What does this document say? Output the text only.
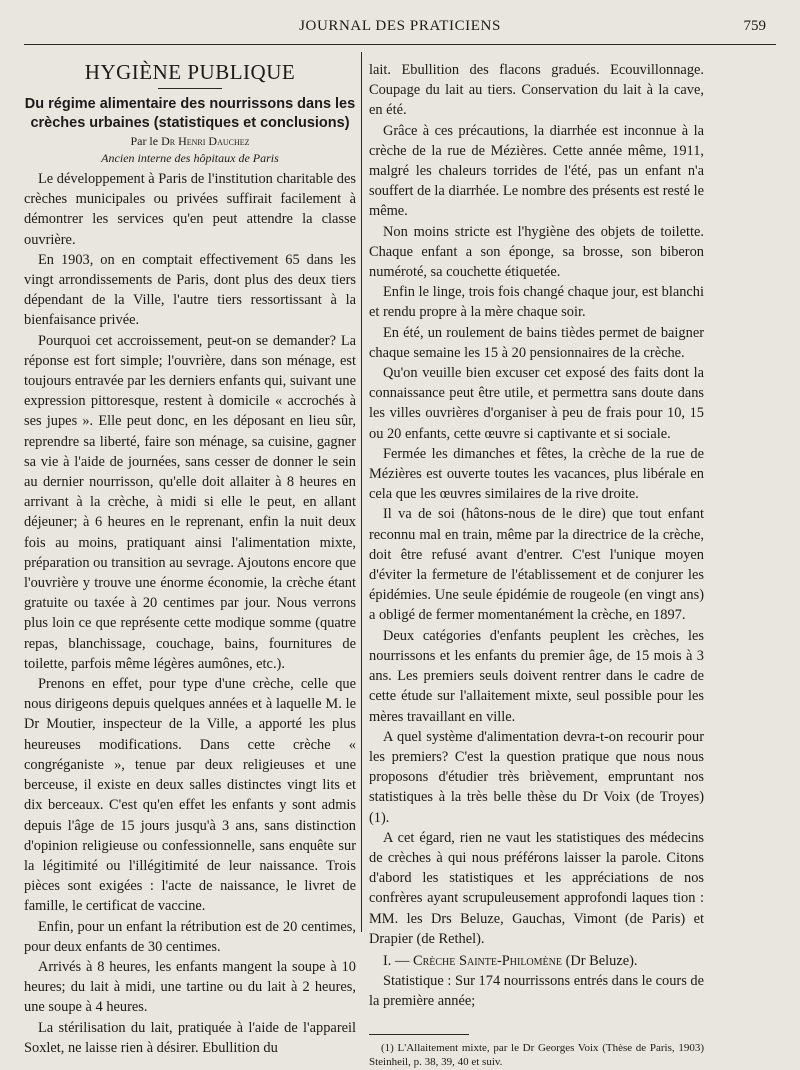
JOURNAL DES PRATICIENS	759
HYGIÈNE PUBLIQUE
Du régime alimentaire des nourrissons dans les crèches urbaines (statistiques et conclusions)
Par le Dr Henri Dauchez
Ancien interne des hôpitaux de Paris

Le développement à Paris de l'institution charitable des crèches municipales ou privées suffirait facilement à démontrer les services qu'en peut attendre la classe ouvrière.

En 1903, on en comptait effectivement 65 dans les vingt arrondissements de Paris, dont plus des deux tiers dépendant de la Ville, l'autre tiers ressortissant à la bienfaisance privée.

Pourquoi cet accroissement, peut-on se demander? La réponse est fort simple; l'ouvrière, dans son ménage, est toujours entravée par les derniers enfants qui, suivant une expression pittoresque, restent à domicile « accrochés à ses jupes ». Elle peut donc, en les déposant en lieu sûr, reprendre sa liberté, faire son ménage, sa cuisine, gagner sa vie à l'aide de journées, sans cesser de donner le sein au dernier nourrisson, qu'elle doit allaiter à 8 heures en arrivant à la crèche, à midi si elle le peut, en allant déjeuner; à 6 heures en le reprenant, enfin la nuit deux fois au moins, pratiquant ainsi l'alimentation mixte, préparation ou transition au sevrage. Ajoutons encore que l'ouvrière y trouve une énorme économie, la crèche étant gratuite ou taxée à 20 centimes par jour. Nous verrons plus loin ce que représente cette modique somme (quatre repas, blanchissage, couchage, bains, fournitures de toilette, parfois même légères aumônes, etc.).

Prenons en effet, pour type d'une crèche, celle que nous dirigeons depuis quelques années et à laquelle M. le Dr Moutier, inspecteur de la Ville, a apporté les plus heureuses modifications. Dans cette crèche « congréganiste », tenue par deux religieuses et une berceuse, il existe en deux salles distinctes vingt lits et dix berceaux. C'est qu'en effet les enfants y sont admis depuis l'âge de 15 jours jusqu'à 3 ans, sans distinction d'opinion religieuse ou confessionnelle, sans enquête sur la légitimité ou l'illégitimité de leur naissance. Trois pièces sont exigées : l'acte de naissance, le livret de famille, le certificat de vaccine.

Enfin, pour un enfant la rétribution est de 20 centimes, pour deux enfants de 30 centimes.

Arrivés à 8 heures, les enfants mangent la soupe à 10 heures; du lait à midi, une tartine ou du lait à 2 heures, une soupe à 4 heures.

La stérilisation du lait, pratiquée à l'aide de l'appareil Soxlet, ne laisse rien à désirer. Ebullition du

lait. Ebullition des flacons gradués. Ecouvillonnage. Coupage du lait au tiers. Conservation du lait à la cave, en été.

Grâce à ces précautions, la diarrhée est inconnue à la crèche de la rue de Mézières. Cette année même, 1911, malgré les chaleurs torrides de l'été, pas un enfant n'a souffert de la diarrhée. Le nombre des présents est resté le même.

Non moins stricte est l'hygiène des objets de toilette. Chaque enfant a son éponge, sa brosse, son biberon numéroté, sa couchette étiquetée.

Enfin le linge, trois fois changé chaque jour, est blanchi et rendu propre à la mère chaque soir.

En été, un roulement de bains tièdes permet de baigner chaque semaine les 15 à 20 pensionnaires de la crèche.

Qu'on veuille bien excuser cet exposé des faits dont la connaissance peut être utile, et permettra sans doute dans les villes ouvrières d'organiser à peu de frais pour 10, 15 ou 20 enfants, cette œuvre si captivante et si sociale.

Fermée les dimanches et fêtes, la crèche de la rue de Mézières est ouverte toutes les vacances, plus libérale en cela que les œuvres similaires de la rive droite.

Il va de soi (hâtons-nous de le dire) que tout enfant reconnu mal en train, même par la directrice de la crèche, doit être refusé avant d'entrer. C'est l'unique moyen d'éviter la fermeture de l'établissement et de conjurer les épidémies. Une seule épidémie de rougeole (en vingt ans) a obligé de fermer momentanément la crèche, en 1897.

Deux catégories d'enfants peuplent les crèches, les nourrissons et les enfants du premier âge, de 15 mois à 3 ans. Les premiers seuls doivent rentrer dans le cadre de cette étude sur l'allaitement mixte, seul possible pour les mères travaillant en ville.

A quel système d'alimentation devra-t-on recourir pour les premiers? C'est la question pratique que nous nous proposons d'étudier très brièvement, empruntant nos statistiques à la très belle thèse du Dr Voix (de Troyes) (1).

A cet égard, rien ne vaut les statistiques des médecins de crèches à qui nous préférons laisser la parole. Citons d'abord les statistiques et les appréciations de nos confrères ayant scrupuleusement approfondi laques tion : MM. les Drs Beluze, Gauchas, Vimont (de Paris) et Drapier (de Rethel).

I. — Crèche Sainte-Philomène (Dr Beluze).

Statistique : Sur 174 nourrissons entrés dans le cours de la première année;

(1) L'Allaitement mixte, par le Dr Georges Voix (Thèse de Paris, 1903) Steinheil, p. 38, 39, 40 et suiv.
